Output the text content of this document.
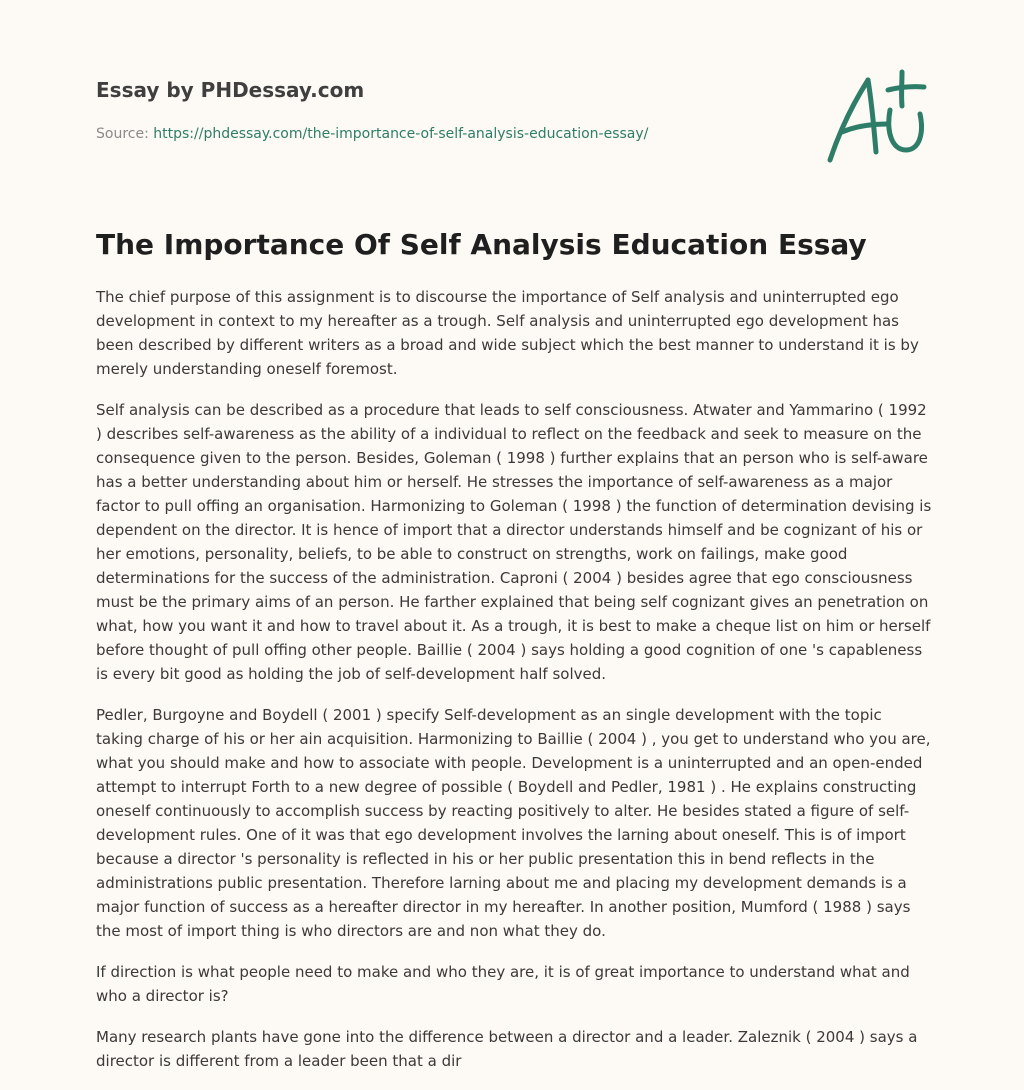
Essay by PHDessay.com
Source: https://phdessay.com/the-importance-of-self-analysis-education-essay/
The Importance Of Self Analysis Education Essay

The chief purpose of this assignment is to discourse the importance of Self analysis and uninterrupted ego development in context to my hereafter as a trough. Self analysis and uninterrupted ego development has been described by different writers as a broad and wide subject which the best manner to understand it is by merely understanding oneself foremost.

Self analysis can be described as a procedure that leads to self consciousness. Atwater and Yammarino ( 1992 ) describes self-awareness as the ability of a individual to reflect on the feedback and seek to measure on the consequence given to the person. Besides, Goleman ( 1998 ) further explains that an person who is self-aware has a better understanding about him or herself. He stresses the importance of self-awareness as a major factor to pull offing an organisation. Harmonizing to Goleman ( 1998 ) the function of determination devising is dependent on the director. It is hence of import that a director understands himself and be cognizant of his or her emotions, personality, beliefs, to be able to construct on strengths, work on failings, make good determinations for the success of the administration. Caproni ( 2004 ) besides agree that ego consciousness must be the primary aims of an person. He farther explained that being self cognizant gives an penetration on what, how you want it and how to travel about it. As a trough, it is best to make a cheque list on him or herself before thought of pull offing other people. Baillie ( 2004 ) says holding a good cognition of one 's capableness is every bit good as holding the job of self-development half solved.

Pedler, Burgoyne and Boydell ( 2001 ) specify Self-development as an single development with the topic taking charge of his or her ain acquisition. Harmonizing to Baillie ( 2004 ) , you get to understand who you are, what you should make and how to associate with people. Development is a uninterrupted and an open-ended attempt to interrupt Forth to a new degree of possible ( Boydell and Pedler, 1981 ) . He explains constructing oneself continuously to accomplish success by reacting positively to alter. He besides stated a figure of self-development rules. One of it was that ego development involves the larning about oneself. This is of import because a director 's personality is reflected in his or her public presentation this in bend reflects in the administrations public presentation. Therefore larning about me and placing my development demands is a major function of success as a hereafter director in my hereafter. In another position, Mumford ( 1988 ) says the most of import thing is who directors are and non what they do.

If direction is what people need to make and who they are, it is of great importance to understand what and who a director is?

Many research plants have gone into the difference between a director and a leader. Zaleznik ( 2004 ) says a director is different from a leader been that a dir
